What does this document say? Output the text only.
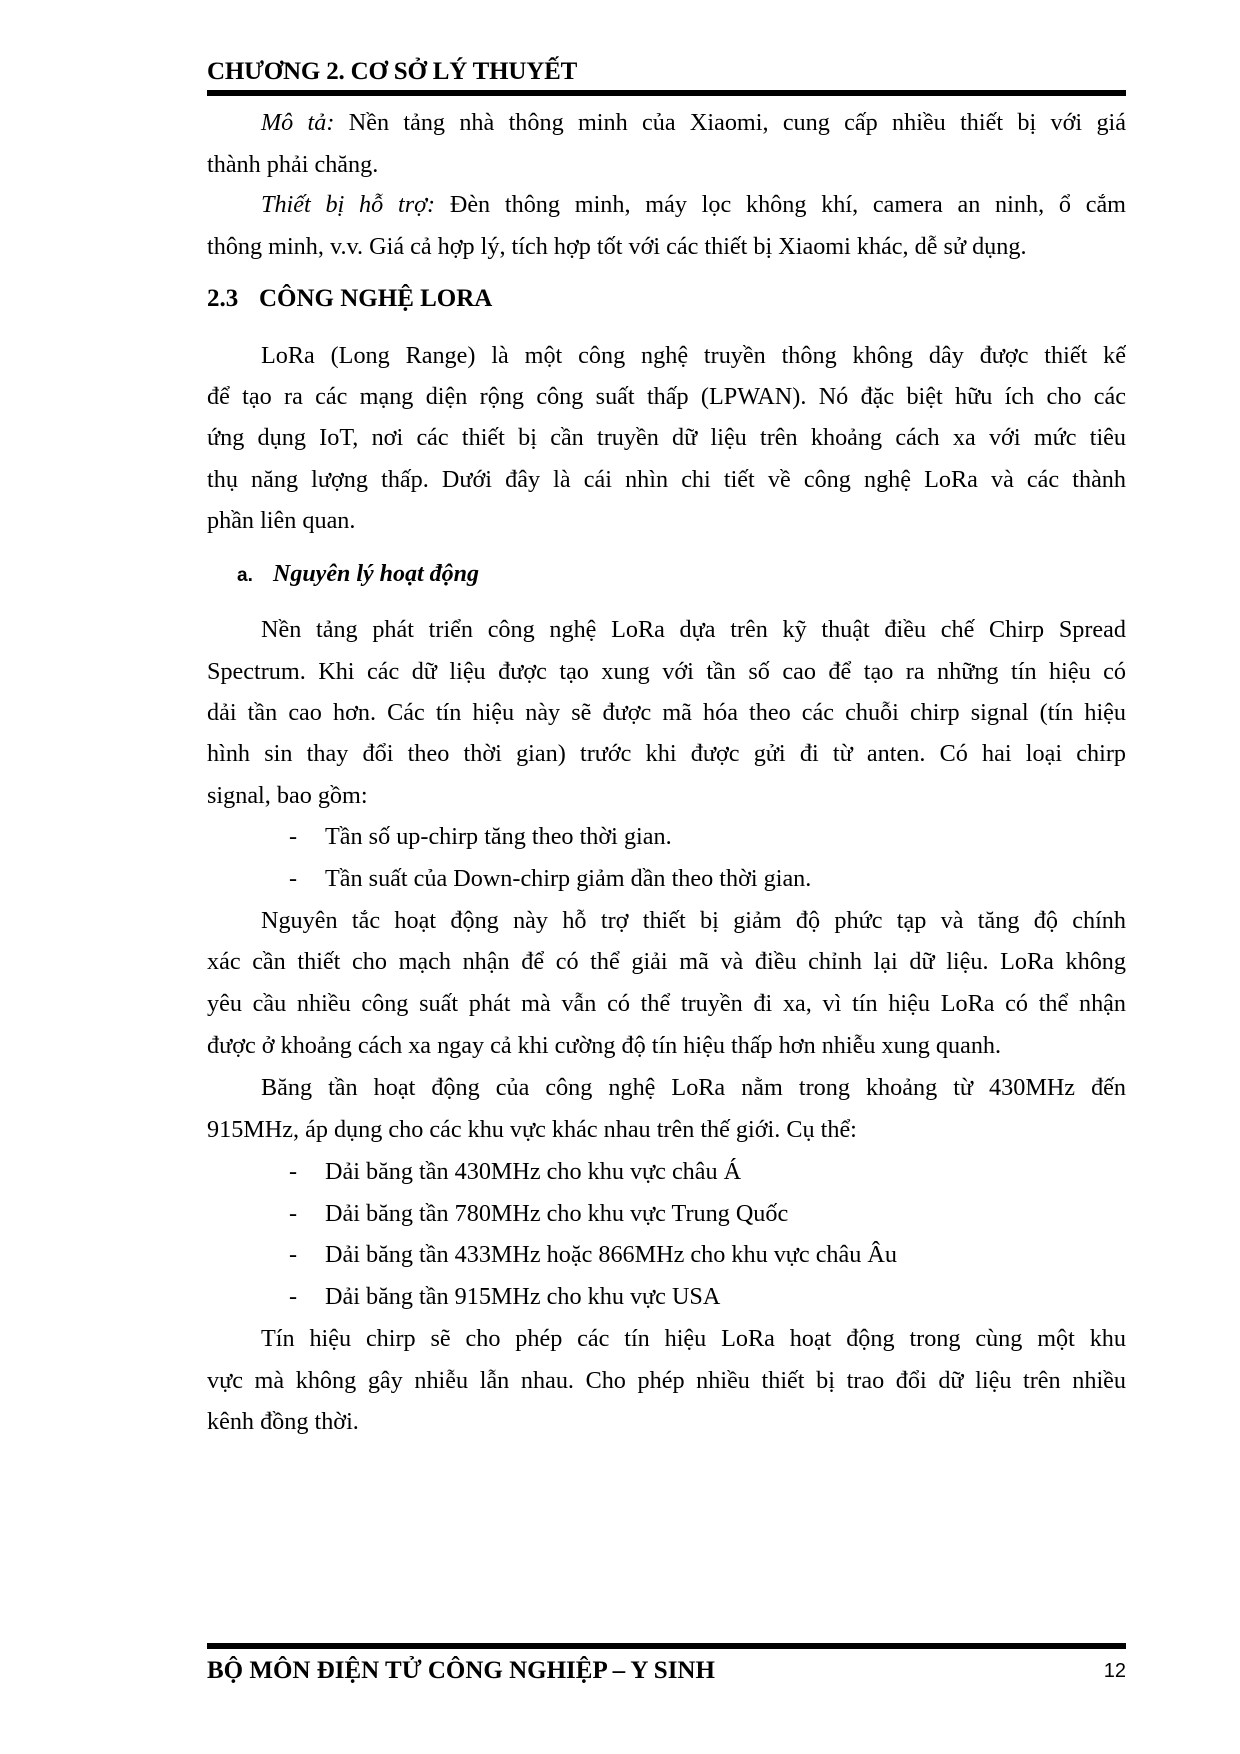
CHƯƠNG 2. CƠ SỞ LÝ THUYẾT
Mô tả: Nền tảng nhà thông minh của Xiaomi, cung cấp nhiều thiết bị với giá
thành phải chăng.
Thiết bị hỗ trợ: Đèn thông minh, máy lọc không khí, camera an ninh, ổ cắm
thông minh, v.v. Giá cả hợp lý, tích hợp tốt với các thiết bị Xiaomi khác, dễ sử dụng.
2.3 CÔNG NGHỆ LORA
LoRa (Long Range) là một công nghệ truyền thông không dây được thiết kế
để tạo ra các mạng diện rộng công suất thấp (LPWAN). Nó đặc biệt hữu ích cho các
ứng dụng IoT, nơi các thiết bị cần truyền dữ liệu trên khoảng cách xa với mức tiêu
thụ năng lượng thấp. Dưới đây là cái nhìn chi tiết về công nghệ LoRa và các thành
phần liên quan.
a. Nguyên lý hoạt động
Nền tảng phát triển công nghệ LoRa dựa trên kỹ thuật điều chế Chirp Spread
Spectrum. Khi các dữ liệu được tạo xung với tần số cao để tạo ra những tín hiệu có
dải tần cao hơn. Các tín hiệu này sẽ được mã hóa theo các chuỗi chirp signal (tín hiệu
hình sin thay đổi theo thời gian) trước khi được gửi đi từ anten. Có hai loại chirp
signal, bao gồm:
- Tần số up-chirp tăng theo thời gian.
- Tần suất của Down-chirp giảm dần theo thời gian.
Nguyên tắc hoạt động này hỗ trợ thiết bị giảm độ phức tạp và tăng độ chính
xác cần thiết cho mạch nhận để có thể giải mã và điều chỉnh lại dữ liệu. LoRa không
yêu cầu nhiều công suất phát mà vẫn có thể truyền đi xa, vì tín hiệu LoRa có thể nhận
được ở khoảng cách xa ngay cả khi cường độ tín hiệu thấp hơn nhiễu xung quanh.
Băng tần hoạt động của công nghệ LoRa nằm trong khoảng từ 430MHz đến
915MHz, áp dụng cho các khu vực khác nhau trên thế giới. Cụ thể:
- Dải băng tần 430MHz cho khu vực châu Á
- Dải băng tần 780MHz cho khu vực Trung Quốc
- Dải băng tần 433MHz hoặc 866MHz cho khu vực châu Âu
- Dải băng tần 915MHz cho khu vực USA
Tín hiệu chirp sẽ cho phép các tín hiệu LoRa hoạt động trong cùng một khu
vực mà không gây nhiễu lẫn nhau. Cho phép nhiều thiết bị trao đổi dữ liệu trên nhiều
kênh đồng thời.
BỘ MÔN ĐIỆN TỬ CÔNG NGHIỆP – Y SINH	12
